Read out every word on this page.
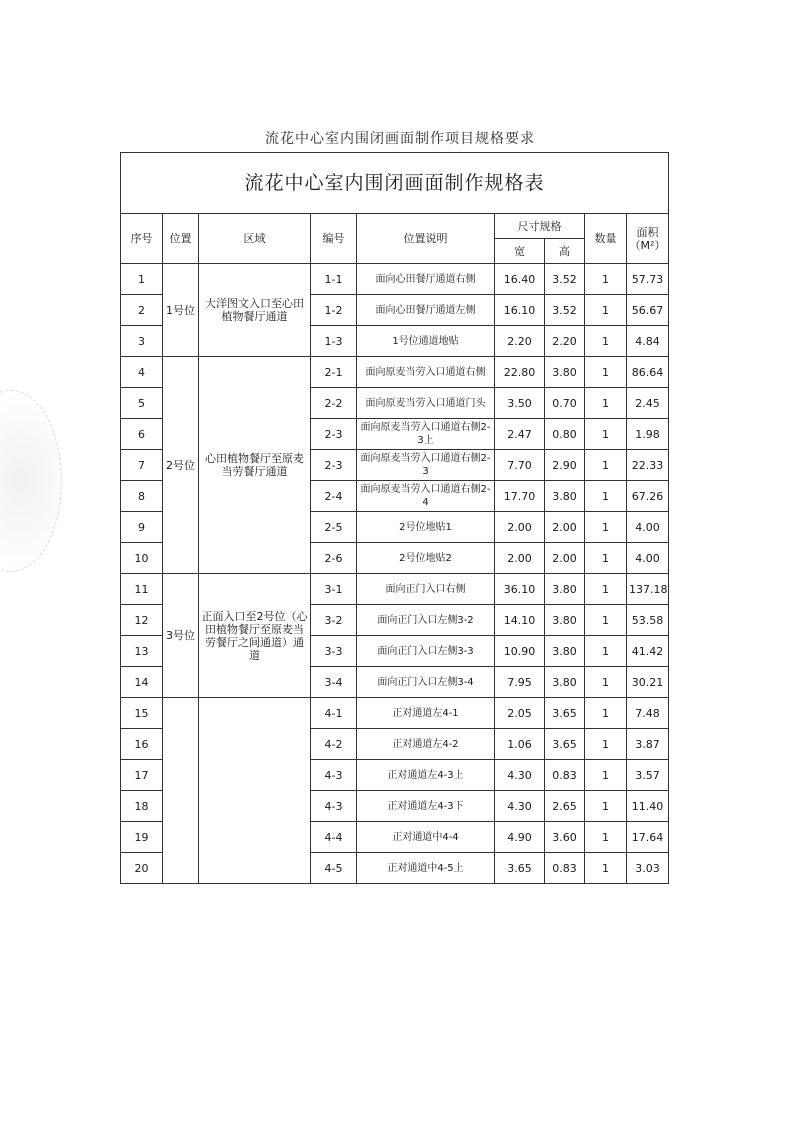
流花中心室内围闭画面制作项目规格要求
流花中心室内围闭画面制作规格表								
序号	位置	区域	编号	位置说明	尺寸规格		数量	面积
（M²）
					宽	高		
1	1号位	大洋图文入口至心田植物餐厅通道	1-1	面向心田餐厅通道右侧	16.40	3.52	1	57.73
2			1-2	面向心田餐厅通道左侧	16.10	3.52	1	56.67
3			1-3	1号位通道地贴	2.20	2.20	1	4.84
4	2号位	心田植物餐厅至原麦当劳餐厅通道	2-1	面向原麦当劳入口通道右侧	22.80	3.80	1	86.64
5			2-2	面向原麦当劳入口通道门头	3.50	0.70	1	2.45
6			2-3	面向原麦当劳入口通道右侧2-3上	2.47	0.80	1	1.98
7			2-3	面向原麦当劳入口通道右侧2-3	7.70	2.90	1	22.33
8			2-4	面向原麦当劳入口通道右侧2-4	17.70	3.80	1	67.26
9			2-5	2号位地贴1	2.00	2.00	1	4.00
10			2-6	2号位地贴2	2.00	2.00	1	4.00
11	3号位	正面入口至2号位（心田植物餐厅至原麦当劳餐厅之间通道）通道	3-1	面向正门入口右侧	36.10	3.80	1	137.18
12			3-2	面向正门入口左侧3-2	14.10	3.80	1	53.58
13			3-3	面向正门入口左侧3-3	10.90	3.80	1	41.42
14			3-4	面向正门入口左侧3-4	7.95	3.80	1	30.21
15			4-1	正对通道左4-1	2.05	3.65	1	7.48
16			4-2	正对通道左4-2	1.06	3.65	1	3.87
17			4-3	正对通道左4-3上	4.30	0.83	1	3.57
18			4-3	正对通道左4-3下	4.30	2.65	1	11.40
19			4-4	正对通道中4-4	4.90	3.60	1	17.64
20			4-5	正对通道中4-5上	3.65	0.83	1	3.03
